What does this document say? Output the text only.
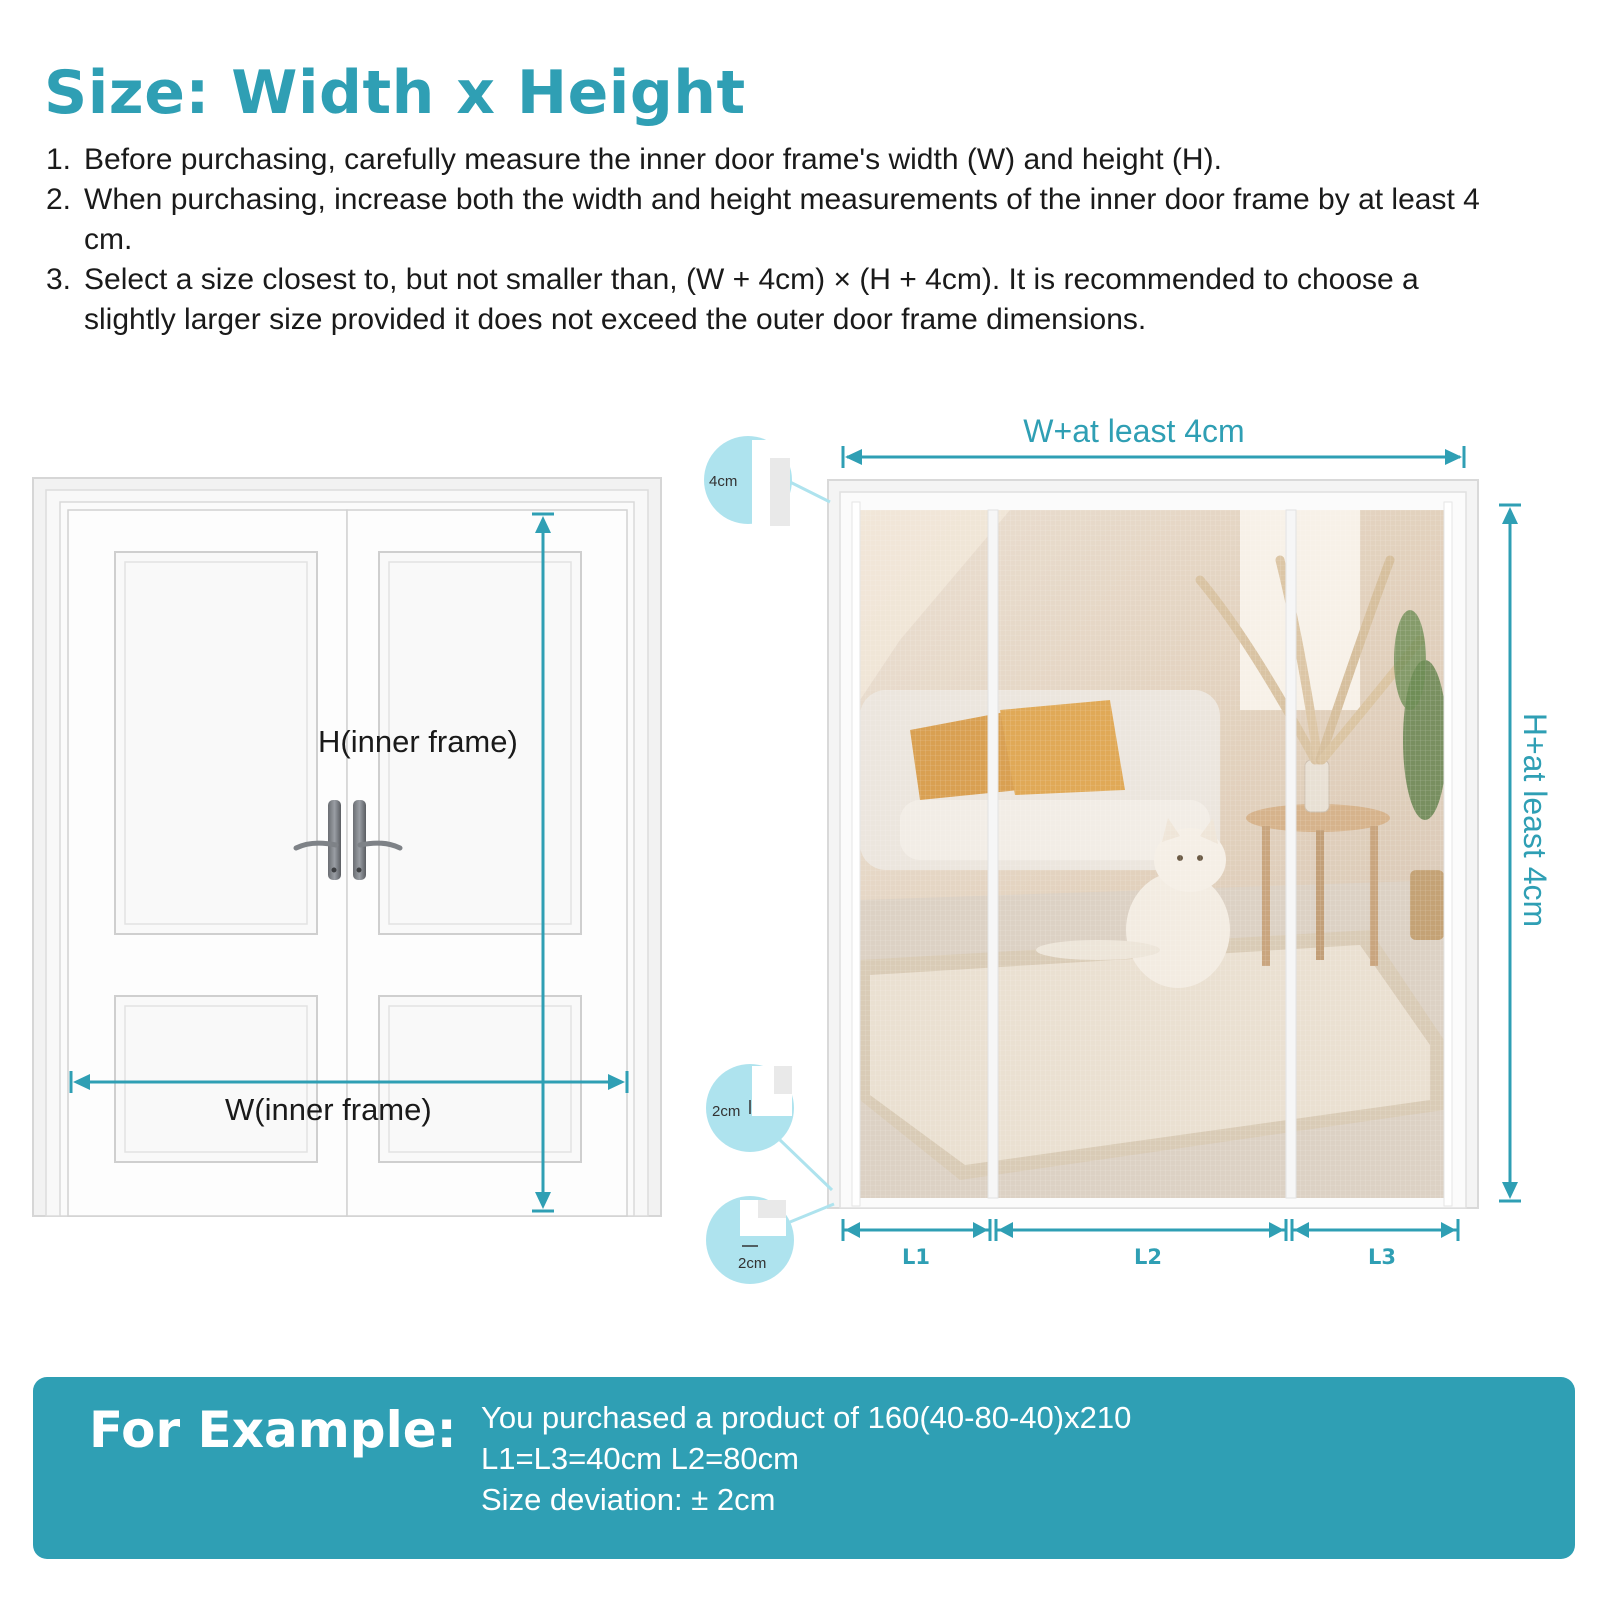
Size: Width x Height
1. Before purchasing, carefully measure the inner door frame's width (W) and height (H).
2. When purchasing, increase both the width and height measurements of the inner door frame by at least 4 cm.
3. Select a size closest to, but not smaller than, (W + 4cm) × (H + 4cm). It is recommended to choose a slightly larger size provided it does not exceed the outer door frame dimensions.
H(inner frame)
W(inner frame)
W+at least 4cm
H+at least 4cm
L1	L2	L3
4cm
2cm
2cm
For Example: You purchased a product of 160(40-80-40)x210
L1=L3=40cm L2=80cm
Size deviation: ± 2cm
